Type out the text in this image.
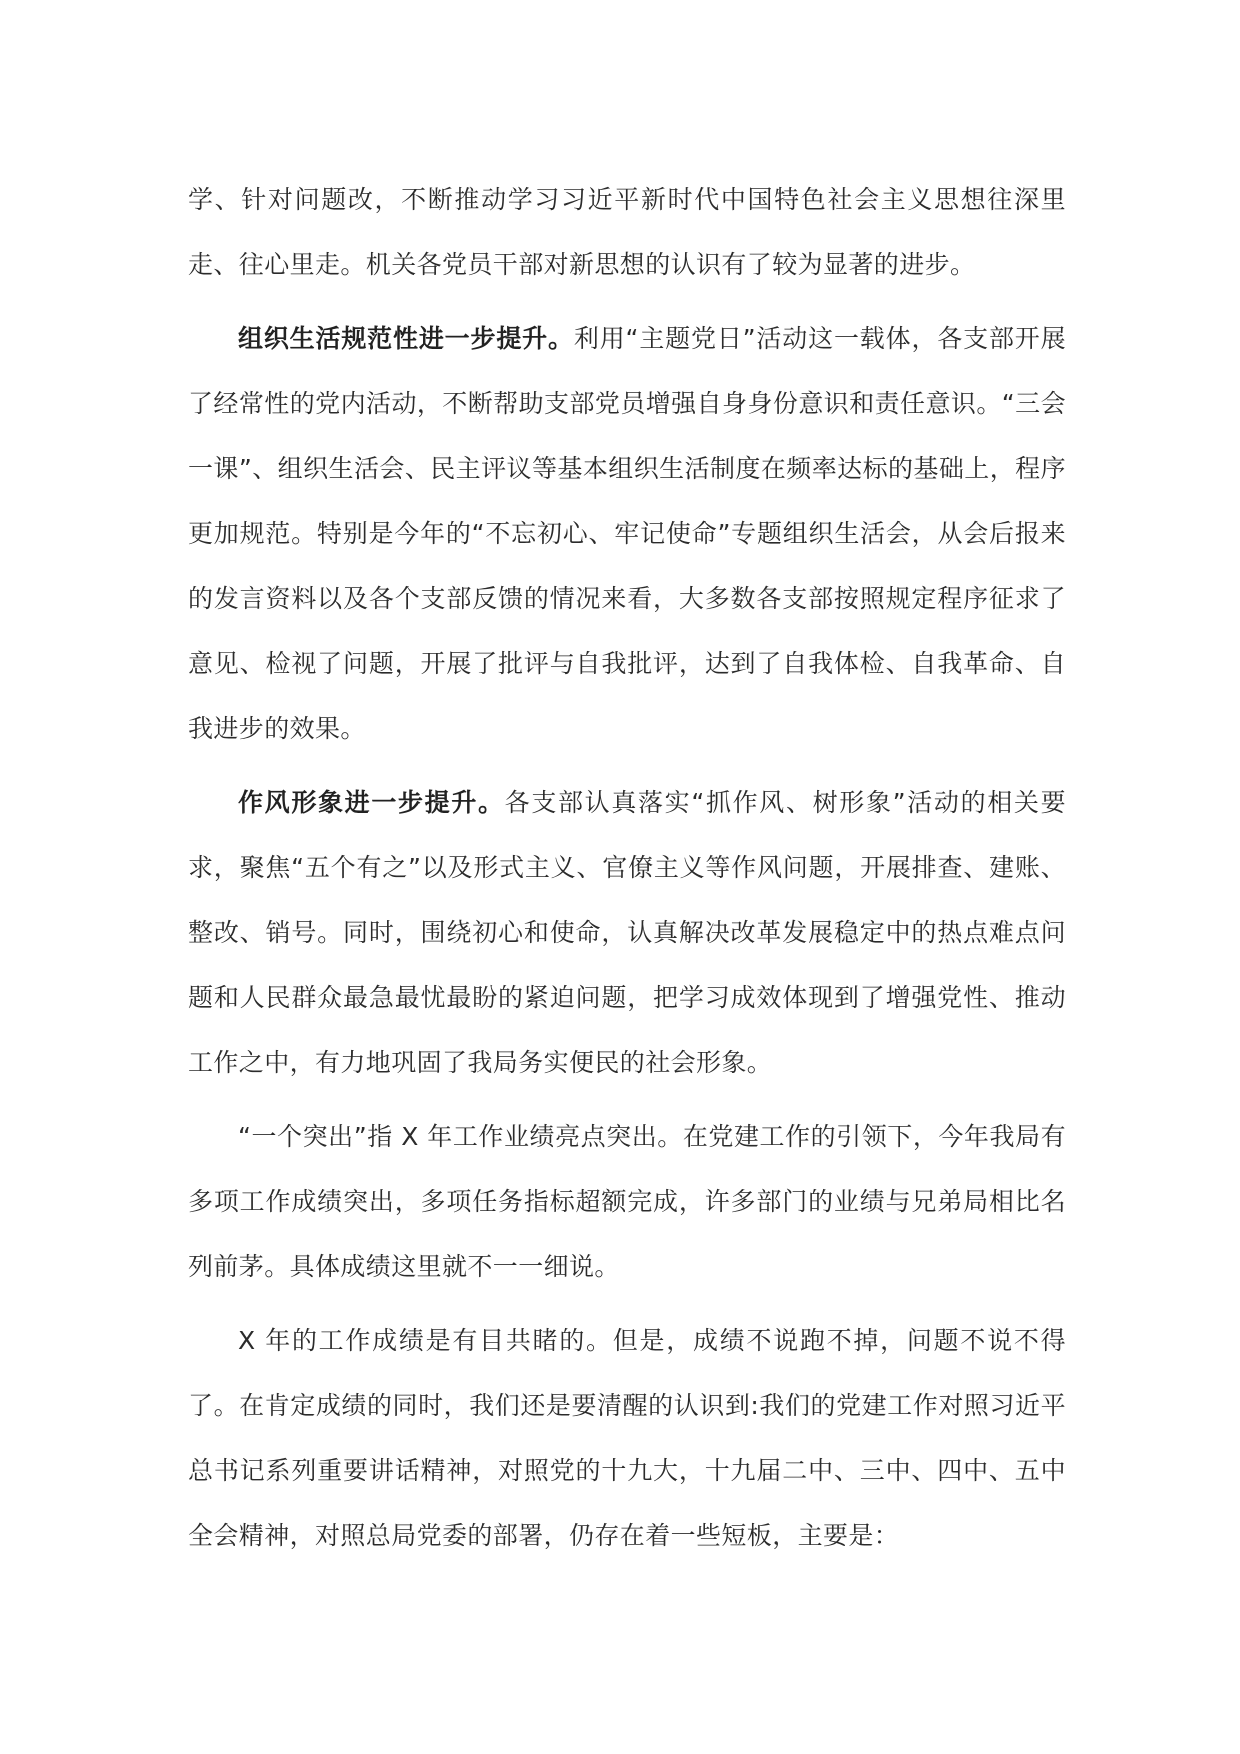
学、针对问题改，不断推动学习习近平新时代中国特色社会主义思想往深里走、往心里走。机关各党员干部对新思想的认识有了较为显著的进步。

组织生活规范性进一步提升。利用“主题党日”活动这一载体，各支部开展了经常性的党内活动，不断帮助支部党员增强自身身份意识和责任意识。“三会一课”、组织生活会、民主评议等基本组织生活制度在频率达标的基础上，程序更加规范。特别是今年的“不忘初心、牢记使命”专题组织生活会，从会后报来的发言资料以及各个支部反馈的情况来看，大多数各支部按照规定程序征求了意见、检视了问题，开展了批评与自我批评，达到了自我体检、自我革命、自我进步的效果。

作风形象进一步提升。各支部认真落实“抓作风、树形象”活动的相关要求，聚焦“五个有之”以及形式主义、官僚主义等作风问题，开展排查、建账、整改、销号。同时，围绕初心和使命，认真解决改革发展稳定中的热点难点问题和人民群众最急最忧最盼的紧迫问题，把学习成效体现到了增强党性、推动工作之中，有力地巩固了我局务实便民的社会形象。

“一个突出”指 X 年工作业绩亮点突出。在党建工作的引领下，今年我局有多项工作成绩突出，多项任务指标超额完成，许多部门的业绩与兄弟局相比名列前茅。具体成绩这里就不一一细说。

X 年的工作成绩是有目共睹的。但是，成绩不说跑不掉，问题不说不得了。在肯定成绩的同时，我们还是要清醒的认识到:我们的党建工作对照习近平总书记系列重要讲话精神，对照党的十九大，十九届二中、三中、四中、五中全会精神，对照总局党委的部署，仍存在着一些短板，主要是：
